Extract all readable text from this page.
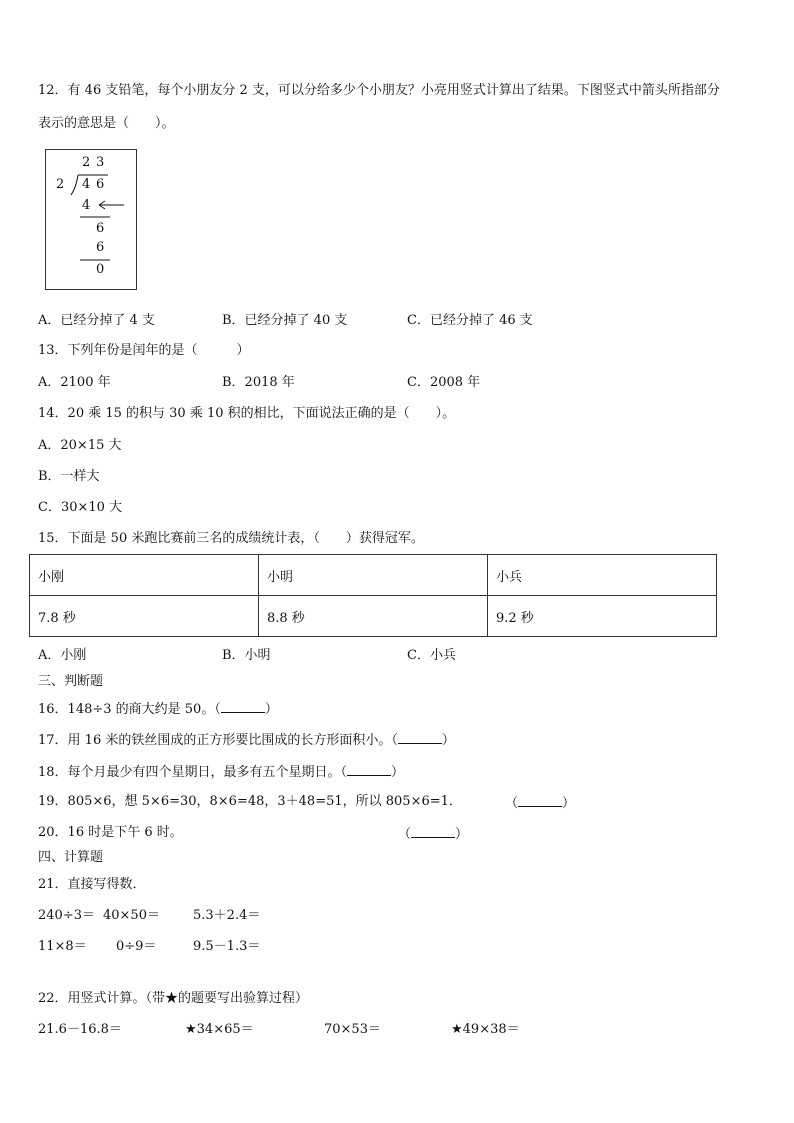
12．有 46 支铅笔，每个小朋友分 2 支，可以分给多少个小朋友？小亮用竖式计算出了结果。下图竖式中箭头所指部分
表示的意思是（　　）。
2 3
2 4 6
4
6
6
0
A．已经分掉了 4 支	B．已经分掉了 40 支	C．已经分掉了 46 支
13．下列年份是闰年的是（　　　）
A．2100 年	B．2018 年	C．2008 年
14．20 乘 15 的积与 30 乘 10 积的相比，下面说法正确的是（　　）。
A．20×15 大
B．一样大
C．30×10 大
15．下面是 50 米跑比赛前三名的成绩统计表，（　　）获得冠军。
小刚	小明	小兵
7.8 秒	8.8 秒	9.2 秒
A．小刚	B．小明	C．小兵
三、判断题
16．148÷3 的商大约是 50。（	）
17．用 16 米的铁丝围成的正方形要比围成的长方形面积小。（	）
18．每个月最少有四个星期日，最多有五个星期日。（	）
19．805×6，想 5×6=30，8×6=48，3＋48=51，所以 805×6=1．	（	）
20．16 时是下午 6 时。	（	）
四、计算题
21．直接写得数．
240÷3＝ 40×50＝	5.3＋2.4＝
11×8＝ 0÷9＝	9.5－1.3＝
22．用竖式计算。（带★的题要写出验算过程）
21.6－16.8＝	★34×65＝	70×53＝	★49×38＝
